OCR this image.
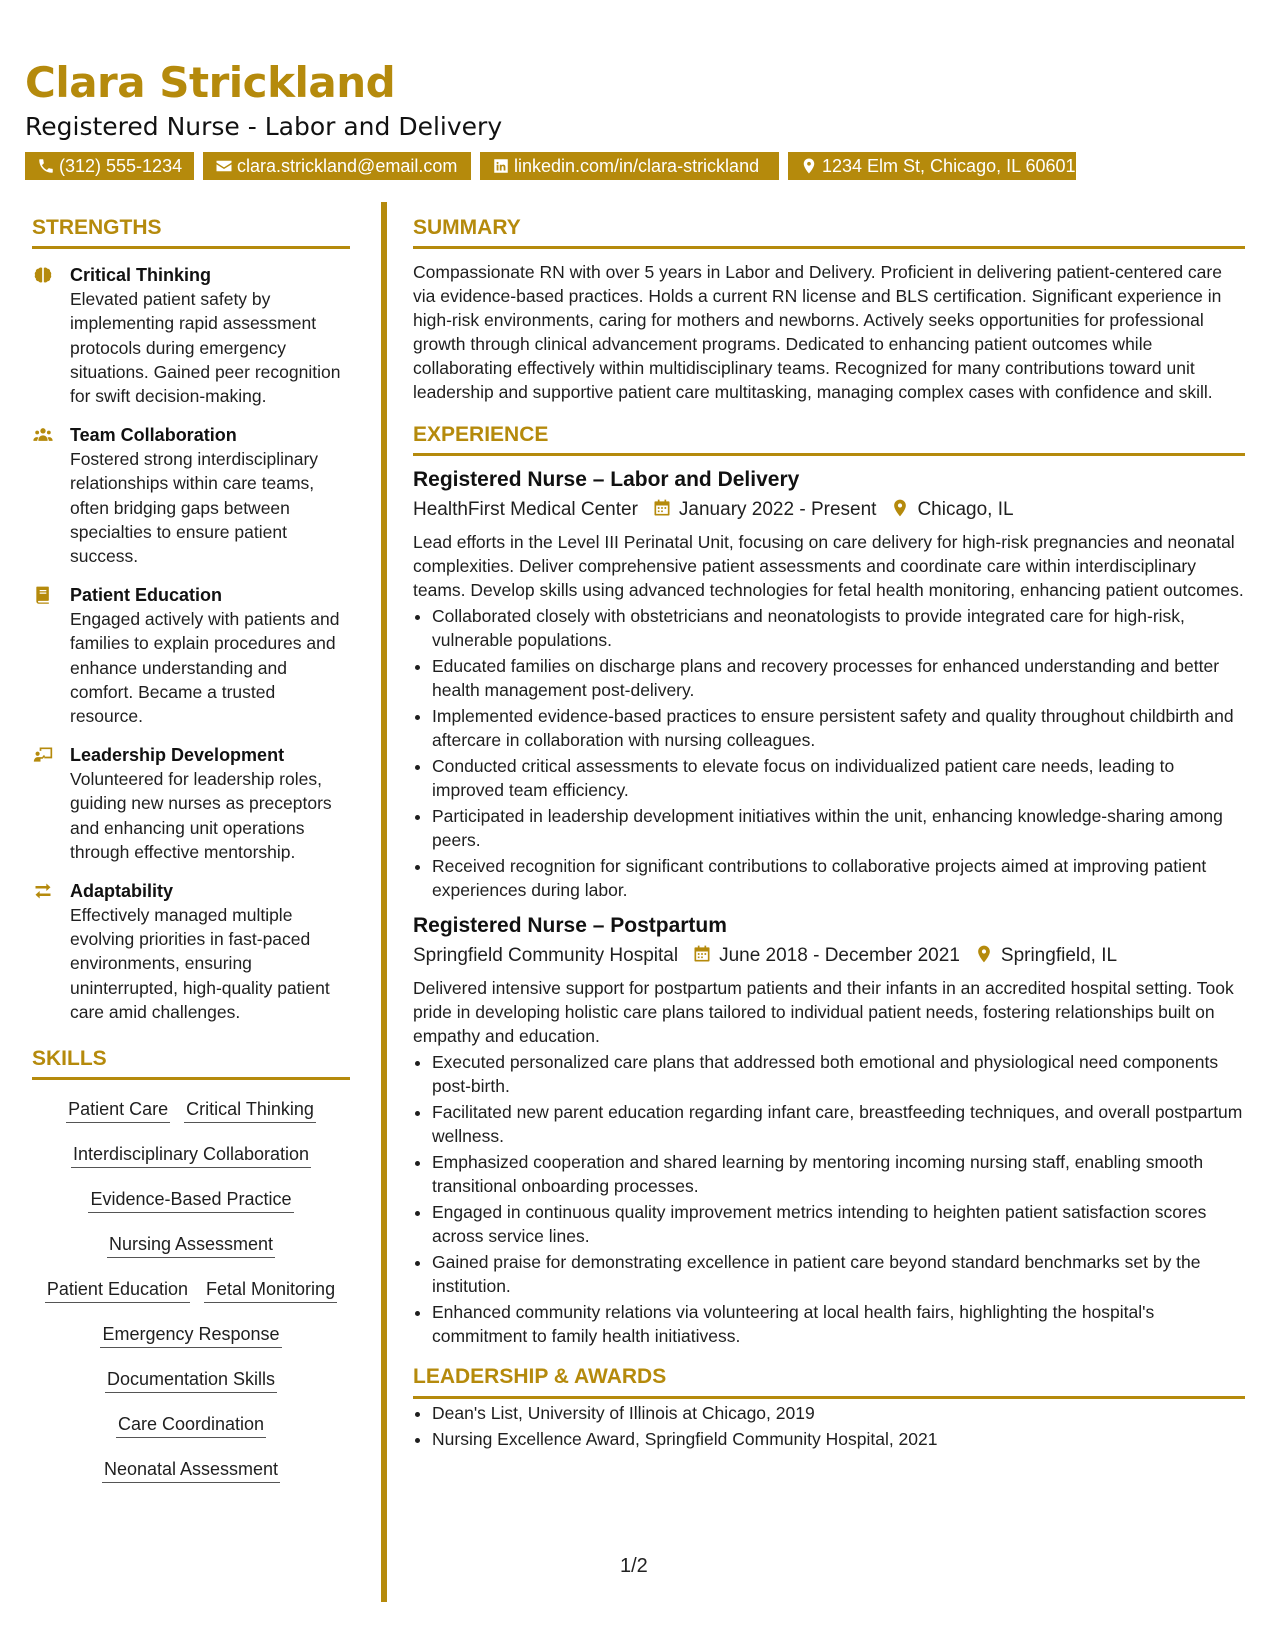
Clara Strickland
Registered Nurse - Labor and Delivery
(312) 555-1234	clara.strickland@email.com	linkedin.com/in/clara-strickland	1234 Elm St, Chicago, IL 60601
STRENGTHS
Critical Thinking
Elevated patient safety by implementing rapid assessment protocols during emergency situations. Gained peer recognition for swift decision-making.
Team Collaboration
Fostered strong interdisciplinary relationships within care teams, often bridging gaps between specialties to ensure patient success.
Patient Education
Engaged actively with patients and families to explain procedures and enhance understanding and comfort. Became a trusted resource.
Leadership Development
Volunteered for leadership roles, guiding new nurses as preceptors and enhancing unit operations through effective mentorship.
Adaptability
Effectively managed multiple evolving priorities in fast-paced environments, ensuring uninterrupted, high-quality patient care amid challenges.
SKILLS
Patient Care Critical Thinking
Interdisciplinary Collaboration
Evidence-Based Practice
Nursing Assessment
Patient Education Fetal Monitoring
Emergency Response
Documentation Skills
Care Coordination
Neonatal Assessment
SUMMARY
Compassionate RN with over 5 years in Labor and Delivery. Proficient in delivering patient-centered care via evidence-based practices. Holds a current RN license and BLS certification. Significant experience in high-risk environments, caring for mothers and newborns. Actively seeks opportunities for professional growth through clinical advancement programs. Dedicated to enhancing patient outcomes while collaborating effectively within multidisciplinary teams. Recognized for many contributions toward unit leadership and supportive patient care multitasking, managing complex cases with confidence and skill.
EXPERIENCE
Registered Nurse – Labor and Delivery
HealthFirst Medical Center January 2022 - Present Chicago, IL
Lead efforts in the Level III Perinatal Unit, focusing on care delivery for high-risk pregnancies and neonatal complexities. Deliver comprehensive patient assessments and coordinate care within interdisciplinary teams. Develop skills using advanced technologies for fetal health monitoring, enhancing patient outcomes.
• Collaborated closely with obstetricians and neonatologists to provide integrated care for high-risk, vulnerable populations.
• Educated families on discharge plans and recovery processes for enhanced understanding and better health management post-delivery.
• Implemented evidence-based practices to ensure persistent safety and quality throughout childbirth and aftercare in collaboration with nursing colleagues.
• Conducted critical assessments to elevate focus on individualized patient care needs, leading to improved team efficiency.
• Participated in leadership development initiatives within the unit, enhancing knowledge-sharing among peers.
• Received recognition for significant contributions to collaborative projects aimed at improving patient experiences during labor.
Registered Nurse – Postpartum
Springfield Community Hospital June 2018 - December 2021 Springfield, IL
Delivered intensive support for postpartum patients and their infants in an accredited hospital setting. Took pride in developing holistic care plans tailored to individual patient needs, fostering relationships built on empathy and education.
• Executed personalized care plans that addressed both emotional and physiological need components post-birth.
• Facilitated new parent education regarding infant care, breastfeeding techniques, and overall postpartum wellness.
• Emphasized cooperation and shared learning by mentoring incoming nursing staff, enabling smooth transitional onboarding processes.
• Engaged in continuous quality improvement metrics intending to heighten patient satisfaction scores across service lines.
• Gained praise for demonstrating excellence in patient care beyond standard benchmarks set by the institution.
• Enhanced community relations via volunteering at local health fairs, highlighting the hospital's commitment to family health initiativess.
LEADERSHIP & AWARDS
• Dean's List, University of Illinois at Chicago, 2019
• Nursing Excellence Award, Springfield Community Hospital, 2021
1/2
